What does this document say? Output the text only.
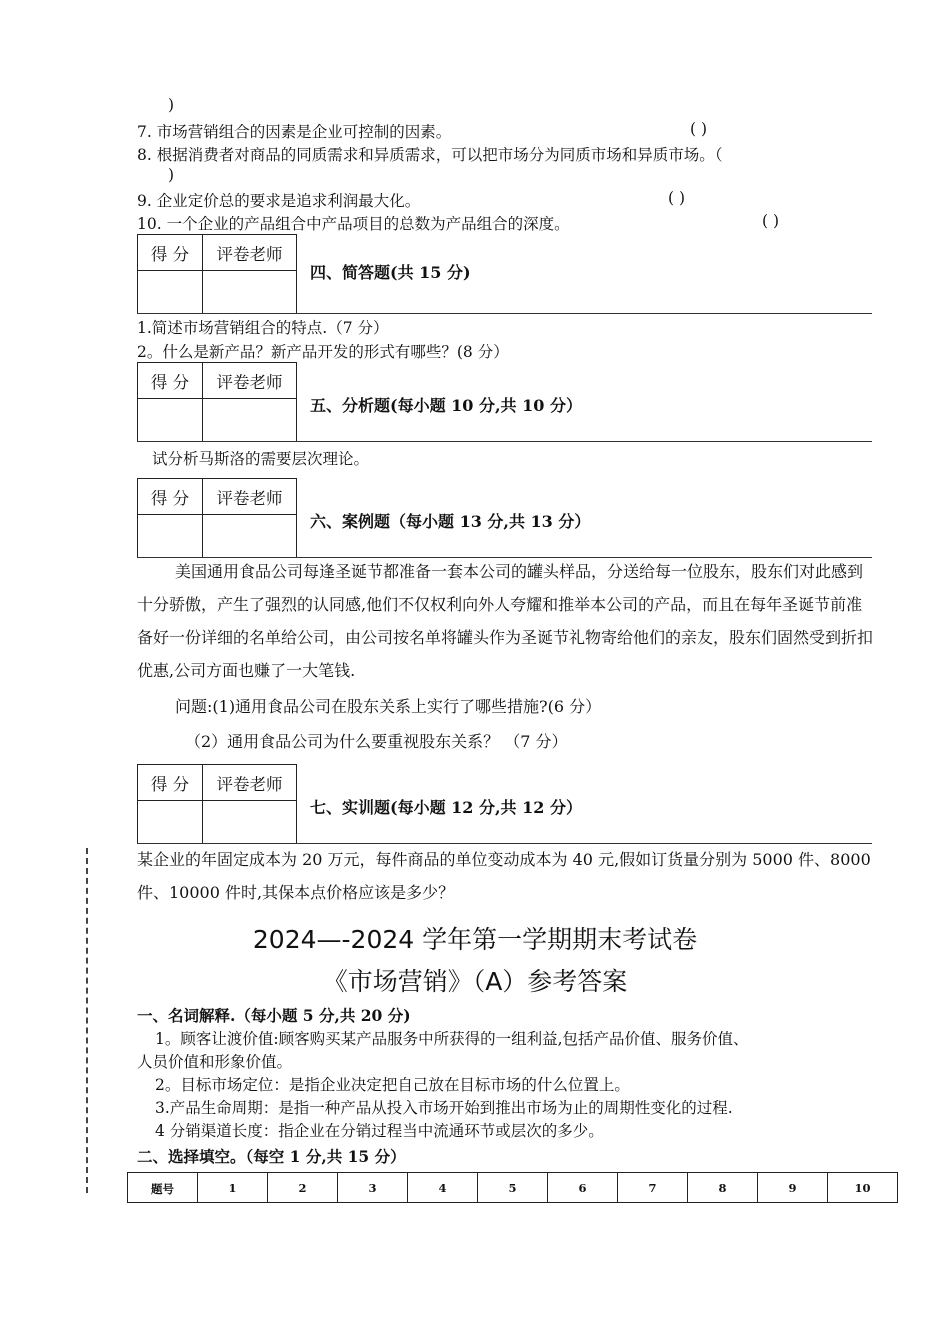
)
7. 市场营销组合的因素是企业可控制的因素。	( )
8. 根据消费者对商品的同质需求和异质需求，可以把市场分为同质市场和异质市场。（
)
9. 企业定价总的要求是追求利润最大化。	( )
10. 一个企业的产品组合中产品项目的总数为产品组合的深度。	( )
得 分	评卷老师

四、简答题(共 15 分)
1.简述市场营销组合的特点.（7 分）
2。什么是新产品？新产品开发的形式有哪些？(8 分）
得 分	评卷老师

五、分析题(每小题 10 分,共 10 分）
试分析马斯洛的需要层次理论。
得 分	评卷老师

六、案例题（每小题 13 分,共 13 分）
美国通用食品公司每逢圣诞节都准备一套本公司的罐头样品，分送给每一位股东，股东们对此感到十分骄傲，产生了强烈的认同感,他们不仅权利向外人夸耀和推举本公司的产品，而且在每年圣诞节前准备好一份详细的名单给公司，由公司按名单将罐头作为圣诞节礼物寄给他们的亲友，股东们固然受到折扣优惠,公司方面也赚了一大笔钱.
问题:(1)通用食品公司在股东关系上实行了哪些措施?(6 分）
（2）通用食品公司为什么要重视股东关系？ （7 分）
得 分	评卷老师

七、实训题(每小题 12 分,共 12 分）
某企业的年固定成本为 20 万元，每件商品的单位变动成本为 40 元,假如订货量分别为 5000 件、8000 件、10000 件时,其保本点价格应该是多少？
2024—-2024 学年第一学期期末考试卷
《市场营销》（A）参考答案
一、名词解释.（每小题 5 分,共 20 分)
1。顾客让渡价值:顾客购买某产品服务中所获得的一组利益,包括产品价值、服务价值、
人员价值和形象价值。
2。目标市场定位：是指企业决定把自己放在目标市场的什么位置上。
3.产品生命周期：是指一种产品从投入市场开始到推出市场为止的周期性变化的过程.
4 分销渠道长度：指企业在分销过程当中流通环节或层次的多少。
二、选择填空。（每空 1 分,共 15 分）
题号	1	2	3	4	5	6	7	8	9	10
